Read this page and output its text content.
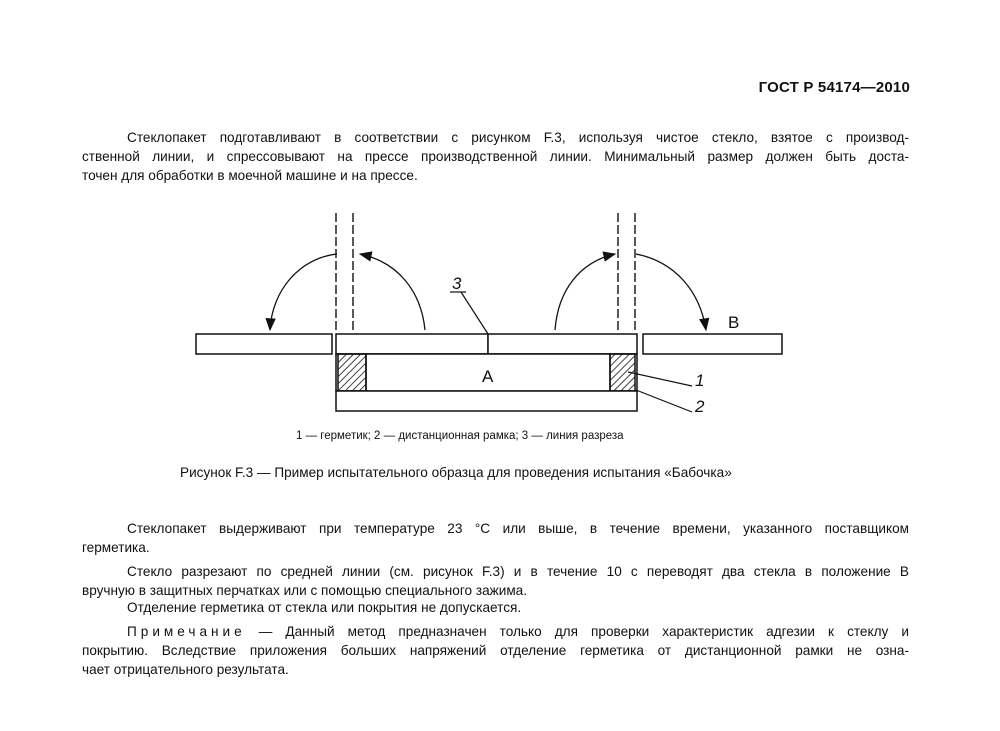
ГОСТ Р 54174—2010
Стеклопакет подготавливают в соответствии с рисунком F.3, используя чистое стекло, взятое с производ-
ственной линии, и спрессовывают на прессе производственной линии. Минимальный размер должен быть доста-
точен для обработки в моечной машине и на прессе.
3
В
А	1
2
1 — герметик; 2 — дистанционная рамка; 3 — линия разреза
Рисунок F.3 — Пример испытательного образца для проведения испытания «Бабочка»
Стеклопакет выдерживают при температуре 23 °С или выше, в течение времени, указанного поставщиком
герметика.
Стекло разрезают по средней линии (см. рисунок F.3) и в течение 10 с переводят два стекла в положение В
вручную в защитных перчатках или с помощью специального зажима.
Отделение герметика от стекла или покрытия не допускается.
Примечание — Данный метод предназначен только для проверки характеристик адгезии к стеклу и
покрытию. Вследствие приложения больших напряжений отделение герметика от дистанционной рамки не озна-
чает отрицательного результата.
